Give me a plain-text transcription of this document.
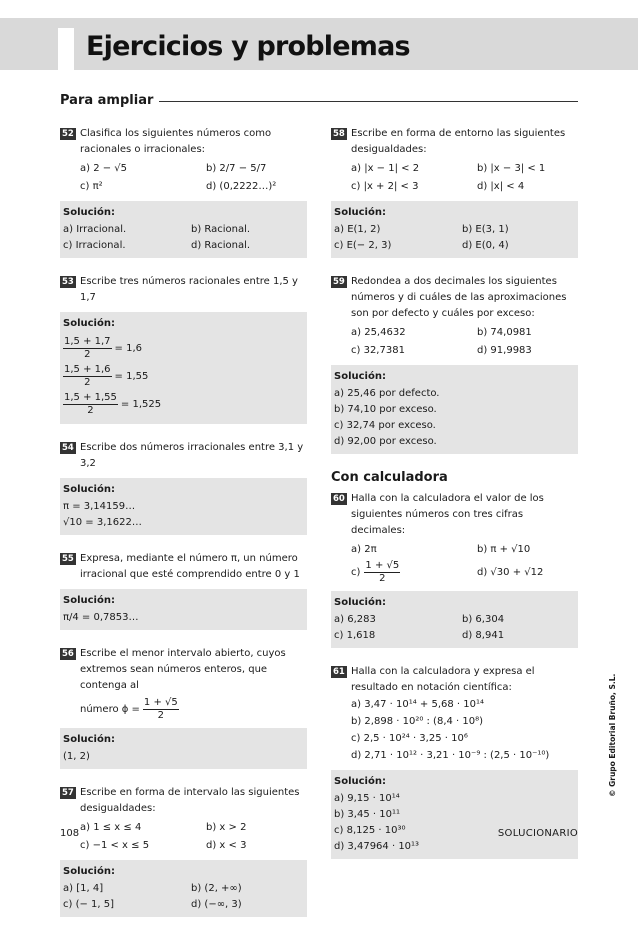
Ejercicios y problemas
Para ampliar
52 Clasifica los siguientes números como racionales o irracionales:
a) 2 − √5	b) 2/7 − 5/7
c) π²	d) (0,2222…)²
Solución:
a) Irracional.	b) Racional.
c) Irracional.	d) Racional.
53 Escribe tres números racionales entre 1,5 y 1,7
Solución:
$\frac{1,5 + 1,7}{2} = 1,6$
$\frac{1,5 + 1,6}{2} = 1,55$
$\frac{1,5 + 1,55}{2} = 1,525$
54 Escribe dos números irracionales entre 3,1 y 3,2
Solución:
π = 3,14159…
√10 = 3,1622…
55 Expresa, mediante el número π, un número irracional que esté comprendido entre 0 y 1
Solución:
π/4 = 0,7853…
56 Escribe el menor intervalo abierto, cuyos extremos sean números enteros, que contenga al
número $\phi = \frac{1 + √5}{2}$
Solución:
(1, 2)
57 Escribe en forma de intervalo las siguientes desigualdades:
a) 1 ≤ x ≤ 4	b) x > 2
c) −1 < x ≤ 5	d) x < 3
Solución:
a) [1, 4]	b) (2, +∞)
c) (− 1, 5]	d) (−∞, 3)
58 Escribe en forma de entorno las siguientes desigualdades:
a) |x − 1| < 2	b) |x − 3| < 1
c) |x + 2| < 3	d) |x| < 4
Solución:
a) E(1, 2)	b) E(3, 1)
c) E(− 2, 3)	d) E(0, 4)
59 Redondea a dos decimales los siguientes números y di cuáles de las aproximaciones son por defecto y cuáles por exceso:
a) 25,4632	b) 74,0981
c) 32,7381	d) 91,9983
Solución:
a) 25,46 por defecto.
b) 74,10 por exceso.
c) 32,74 por exceso.
d) 92,00 por exceso.
Con calculadora
60 Halla con la calculadora el valor de los siguientes números con tres cifras decimales:
a) 2π	b) π + √10
$c) \frac{1 + √5}{2}$	d) √30 + √12
Solución:
a) 6,283	b) 6,304
c) 1,618	d) 8,941
61 Halla con la calculadora y expresa el resultado en notación científica:
a) 3,47 · 10¹⁴ + 5,68 · 10¹⁴
b) 2,898 · 10²⁰ : (8,4 · 10⁸)
c) 2,5 · 10²⁴ · 3,25 · 10⁶
d) 2,71 · 10¹² · 3,21 · 10⁻⁹ : (2,5 · 10⁻¹⁰)
Solución:
a) 9,15 · 10¹⁴
b) 3,45 · 10¹¹
c) 8,125 · 10³⁰
d) 3,47964 · 10¹³
© Grupo Editorial Bruño, S.L.
108	SOLUCIONARIO
